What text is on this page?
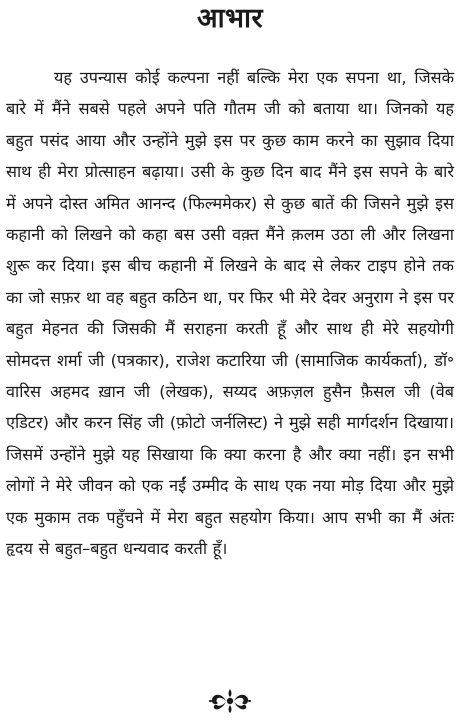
आभार

यह उपन्यास कोई कल्पना नहीं बल्कि मेरा एक सपना था, जिसके बारे में मैंने सबसे पहले अपने पति गौतम जी को बताया था। जिनको यह बहुत पसंद आया और उन्होंने मुझे इस पर कुछ काम करने का सुझाव दिया साथ ही मेरा प्रोत्साहन बढ़ाया। उसी के कुछ दिन बाद मैंने इस सपने के बारे में अपने दोस्त अमित आनन्द (फिल्ममेकर) से कुछ बातें की जिसने मुझे इस कहानी को लिखने को कहा बस उसी वक़्त मैंने क़लम उठा ली और लिखना शुरू कर दिया। इस बीच कहानी में लिखने के बाद से लेकर टाइप होने तक का जो सफ़र था वह बहुत कठिन था, पर फिर भी मेरे देवर अनुराग ने इस पर बहुत मेहनत की जिसकी मैं सराहना करती हूँ और साथ ही मेरे सहयोगी सोमदत्त शर्मा जी (पत्रकार), राजेश कटारिया जी (सामाजिक कार्यकर्ता), डॉ॰ वारिस अहमद ख़ान जी (लेखक), सय्यद अफ़ज़ल हुसैन फ़ैसल जी (वेब एडिटर) और करन सिंह जी (फ़ोटो जर्नलिस्ट) ने मुझे सही मार्गदर्शन दिखाया। जिसमें उन्होंने मुझे यह सिखाया कि क्या करना है और क्या नहीं। इन सभी लोगों ने मेरे जीवन को एक नईं उम्मीद के साथ एक नया मोड़ दिया और मुझे एक मुकाम तक पहुँचने में मेरा बहुत सहयोग किया। आप सभी का मैं अंतः हृदय से बहुत–बहुत धन्यवाद करती हूँ।
